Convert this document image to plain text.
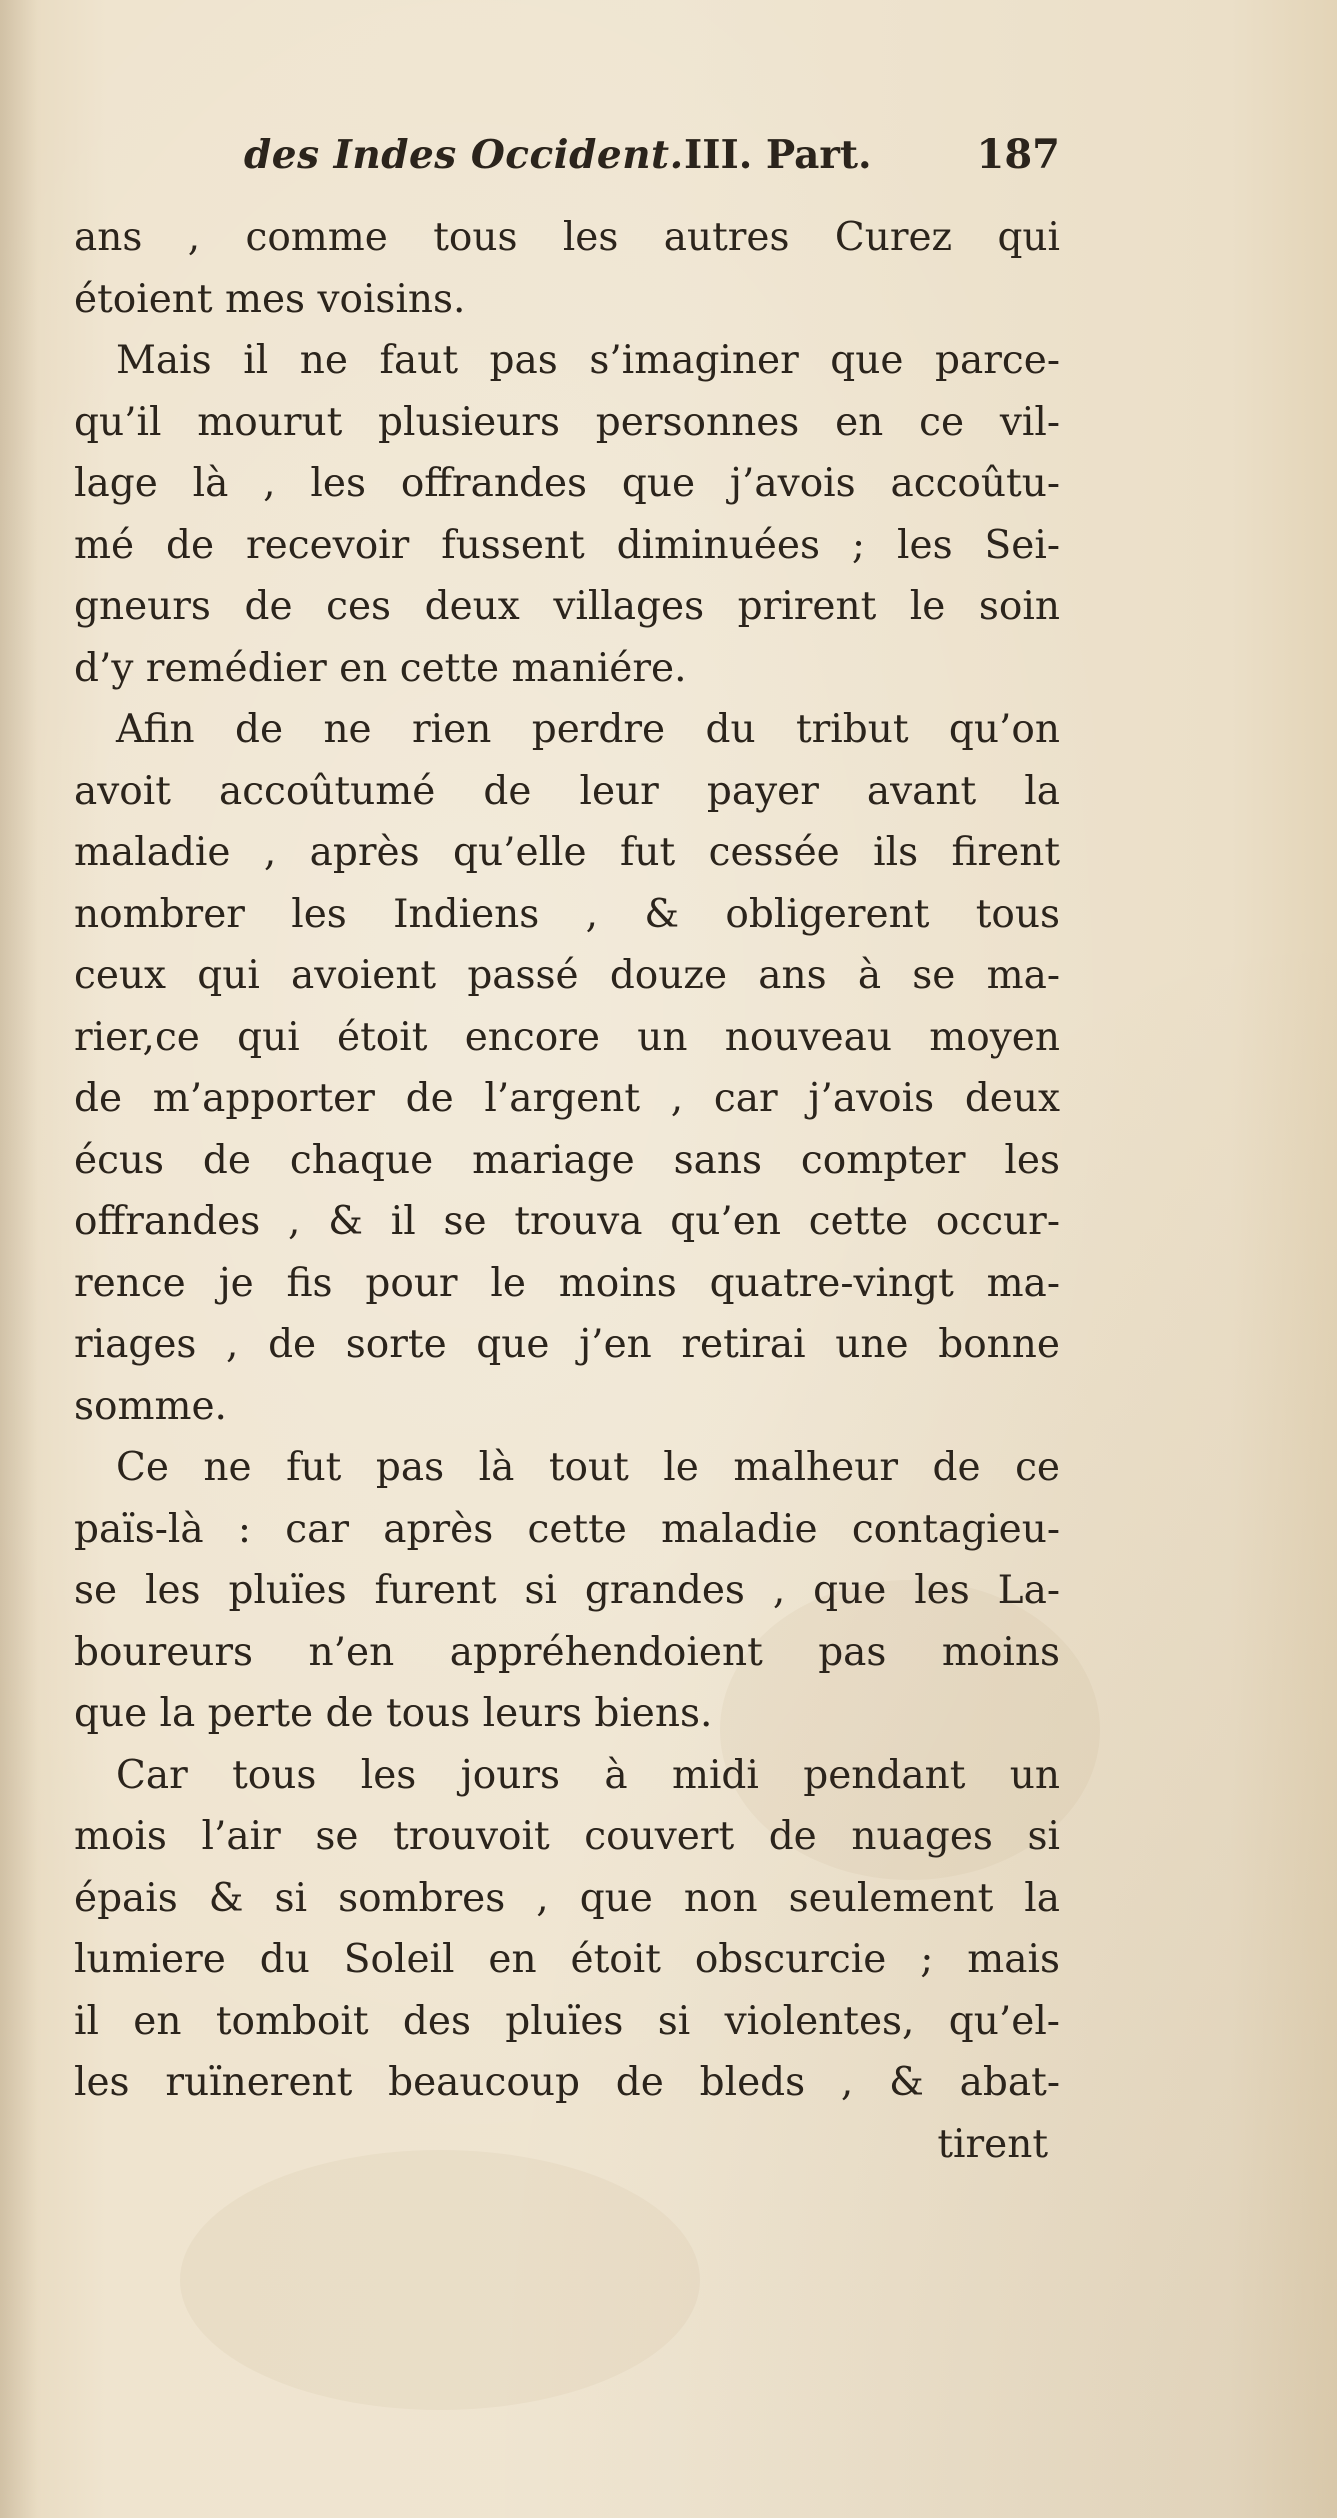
des Indes Occident. III. Part.	187

ans , comme tous les autres Curez qui
étoient mes voisins.

Mais il ne faut pas s’imaginer que parce-
qu’il mourut plusieurs personnes en ce vil-
lage là , les offrandes que j’avois accoûtu-
mé de recevoir fussent diminuées ; les Sei-
gneurs de ces deux villages prirent le soin
d’y remédier en cette maniére.

Afin de ne rien perdre du tribut qu’on
avoit accoûtumé de leur payer avant la
maladie , après qu’elle fut cessée ils firent
nombrer les Indiens , & obligerent tous
ceux qui avoient passé douze ans à se ma-
rier,ce qui étoit encore un nouveau moyen
de m’apporter de l’argent , car j’avois deux
écus de chaque mariage sans compter les
offrandes , & il se trouva qu’en cette occur-
rence je fis pour le moins quatre-vingt ma-
riages , de sorte que j’en retirai une bonne
somme.

Ce ne fut pas là tout le malheur de ce
païs-là : car après cette maladie contagieu-
se les pluïes furent si grandes , que les La-
boureurs n’en appréhendoient pas moins
que la perte de tous leurs biens.

Car tous les jours à midi pendant un
mois l’air se trouvoit couvert de nuages si
épais & si sombres , que non seulement la
lumiere du Soleil en étoit obscurcie ; mais
il en tomboit des pluïes si violentes, qu’el-
les ruïnerent beaucoup de bleds , & abat-

tirent
